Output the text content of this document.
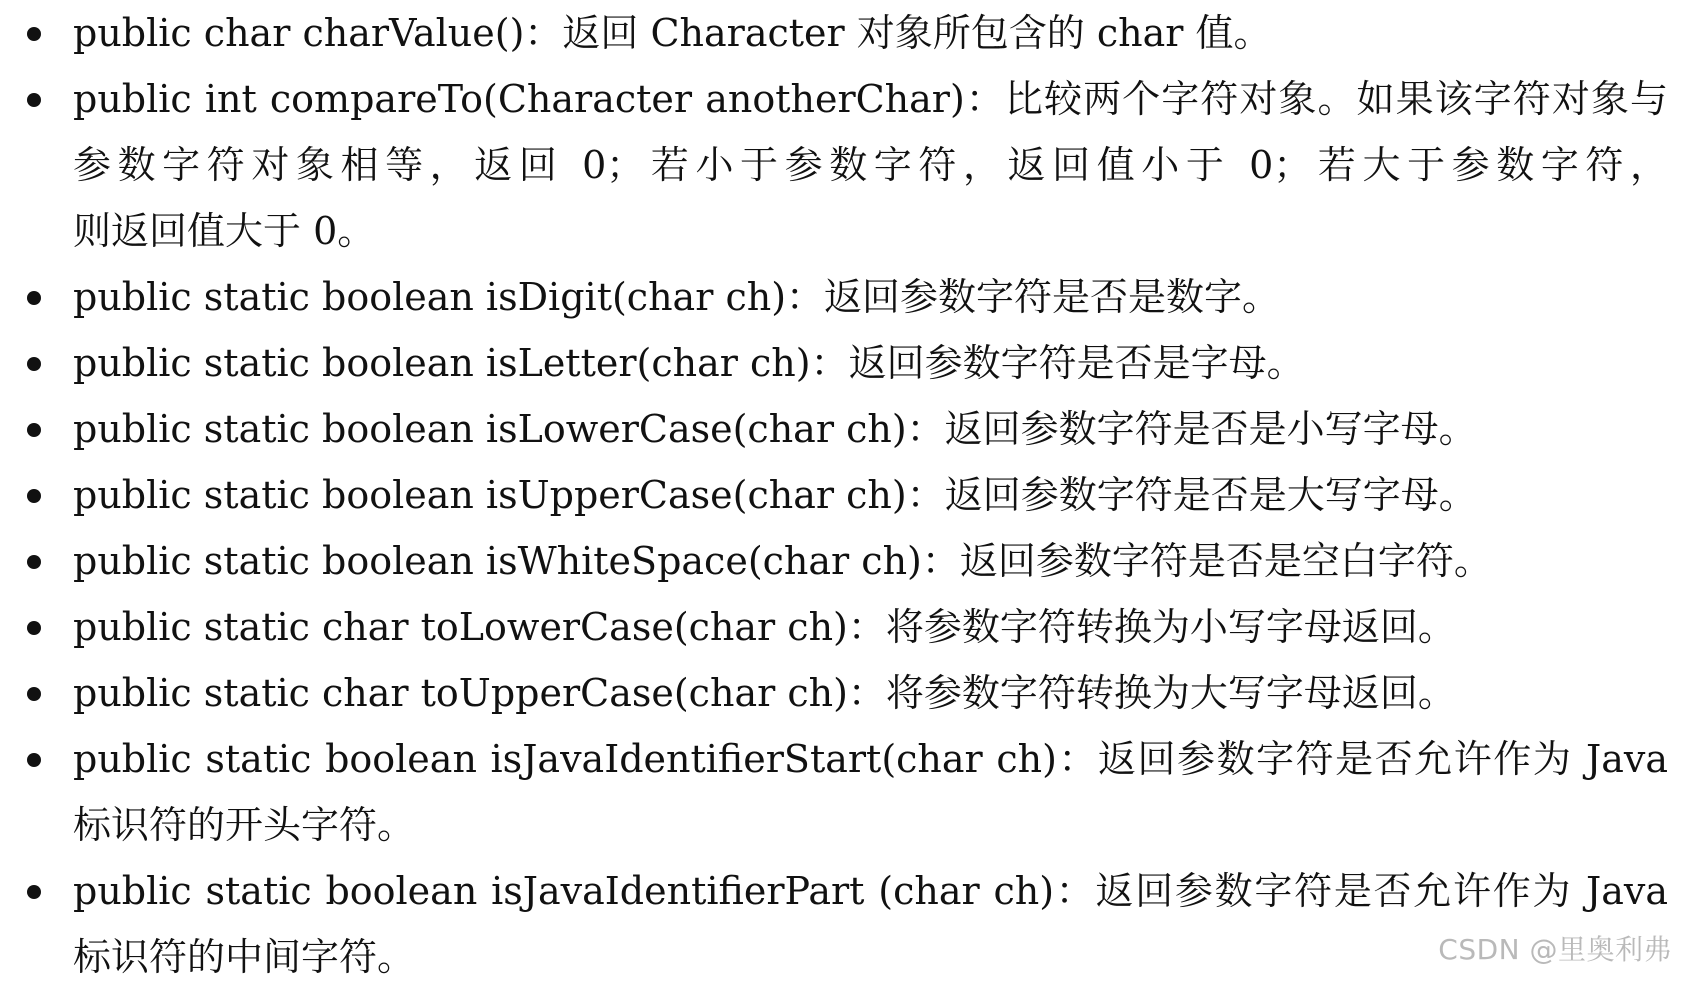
public char charValue()：返回 Character 对象所包含的 char 值。
public int compareTo(Character anotherChar)：比较两个字符对象。如果该字符对象与
参数字符对象相等，返回 0；若小于参数字符，返回值小于 0；若大于参数字符，
则返回值大于 0。
public static boolean isDigit(char ch)：返回参数字符是否是数字。
public static boolean isLetter(char ch)：返回参数字符是否是字母。
public static boolean isLowerCase(char ch)：返回参数字符是否是小写字母。
public static boolean isUpperCase(char ch)：返回参数字符是否是大写字母。
public static boolean isWhiteSpace(char ch)：返回参数字符是否是空白字符。
public static char toLowerCase(char ch)：将参数字符转换为小写字母返回。
public static char toUpperCase(char ch)：将参数字符转换为大写字母返回。
public static boolean isJavaIdentifierStart(char ch)：返回参数字符是否允许作为 Java
标识符的开头字符。
public static boolean isJavaIdentifierPart (char ch)：返回参数字符是否允许作为 Java
标识符的中间字符。	CSDN @里奥利弗
